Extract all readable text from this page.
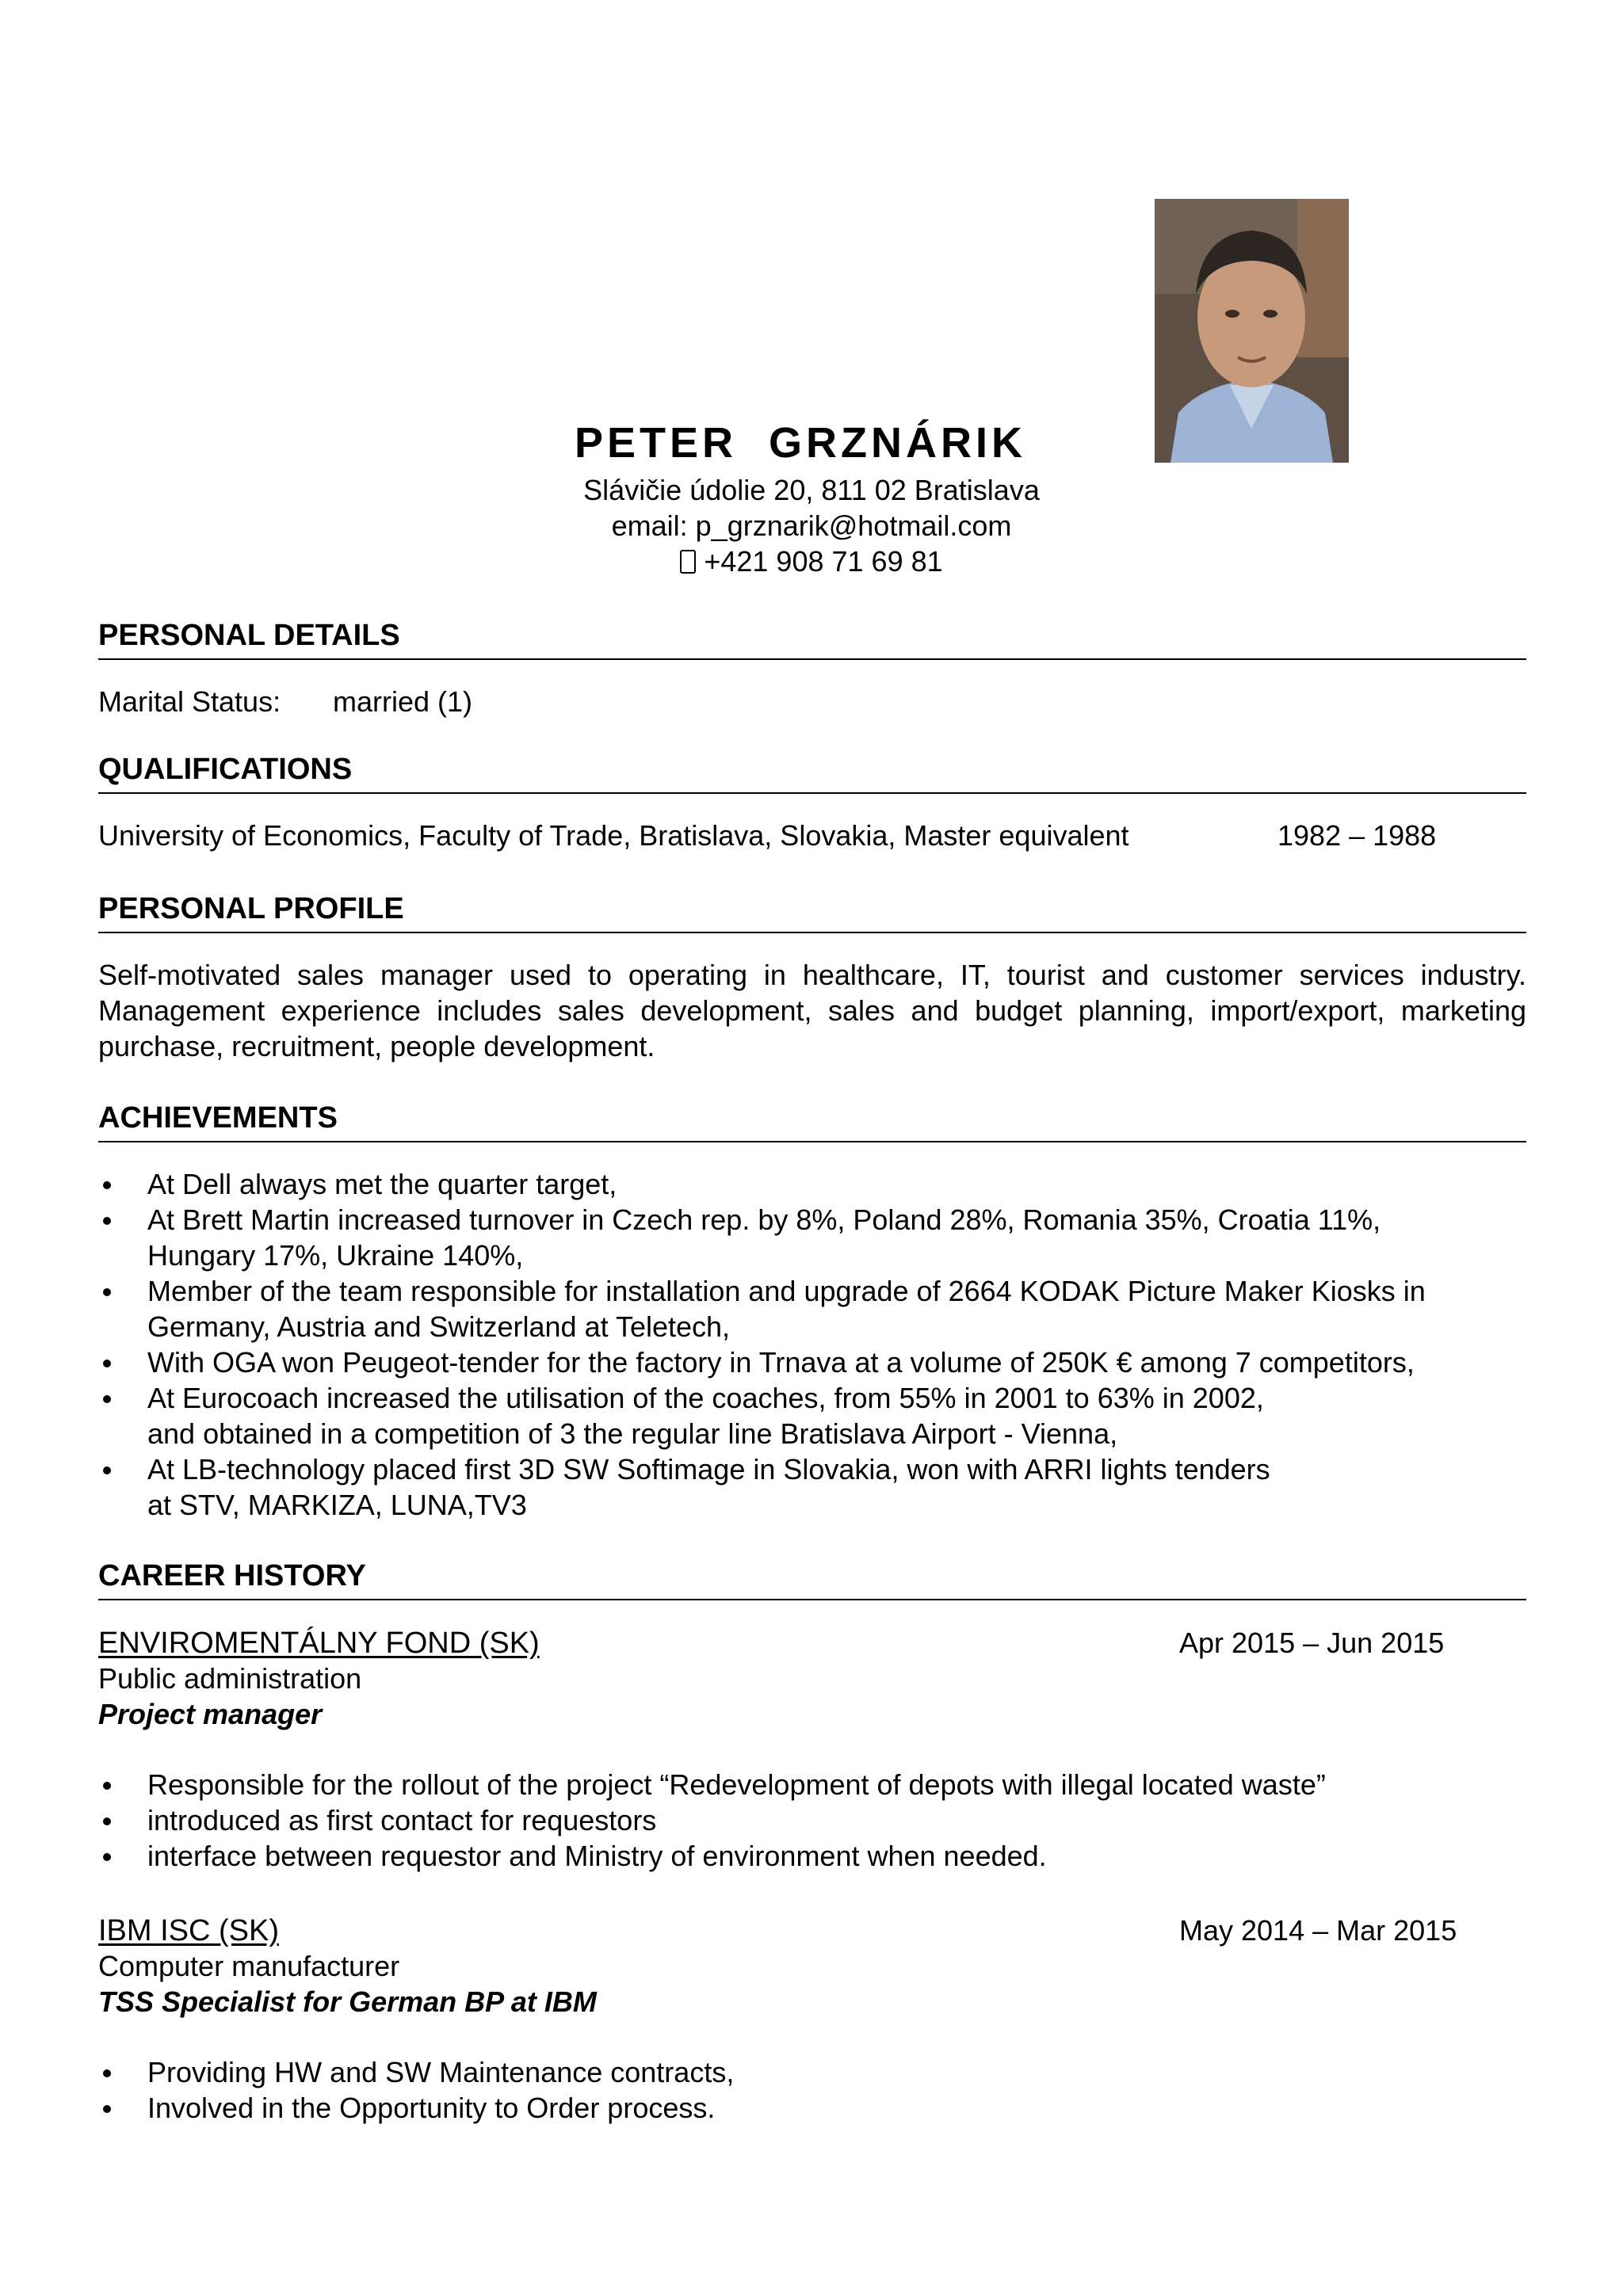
PETER  GRZNÁRIK
Slávičie údolie 20, 811 02 Bratislava
email: p_grznarik@hotmail.com
+421 908 71 69 81
PERSONAL DETAILS
Marital Status: married (1)
QUALIFICATIONS
University of Economics, Faculty of Trade, Bratislava, Slovakia, Master equivalent	1982 – 1988
PERSONAL PROFILE
Self-motivated sales manager used to operating in healthcare, IT, tourist and customer services industry. Management experience includes sales development, sales and budget planning, import/export, marketing purchase, recruitment, people development.
ACHIEVEMENTS
At Dell always met the quarter target,
At Brett Martin increased turnover in Czech rep. by 8%, Poland 28%, Romania 35%, Croatia 11%, Hungary 17%, Ukraine 140%,
Member of the team responsible for installation and upgrade of 2664 KODAK Picture Maker Kiosks in Germany, Austria and Switzerland at Teletech,
With OGA won Peugeot-tender for the factory in Trnava at a volume of 250K € among 7 competitors,
At Eurocoach increased the utilisation of the coaches, from 55% in 2001 to 63% in 2002,
and obtained in a competition of 3 the regular line Bratislava Airport - Vienna,
At LB-technology placed first 3D SW Softimage in Slovakia, won with ARRI lights tenders
at STV, MARKIZA, LUNA,TV3
CAREER HISTORY
ENVIROMENTÁLNY FOND (SK)	Apr 2015 – Jun 2015
Public administration
Project manager
Responsible for the rollout of the project “Redevelopment of depots with illegal located waste”
introduced as first contact for requestors
interface between requestor and Ministry of environment when needed.
IBM ISC (SK)	May 2014 – Mar 2015
Computer manufacturer
TSS Specialist for German BP at IBM
Providing HW and SW Maintenance contracts,
Involved in the Opportunity to Order process.
